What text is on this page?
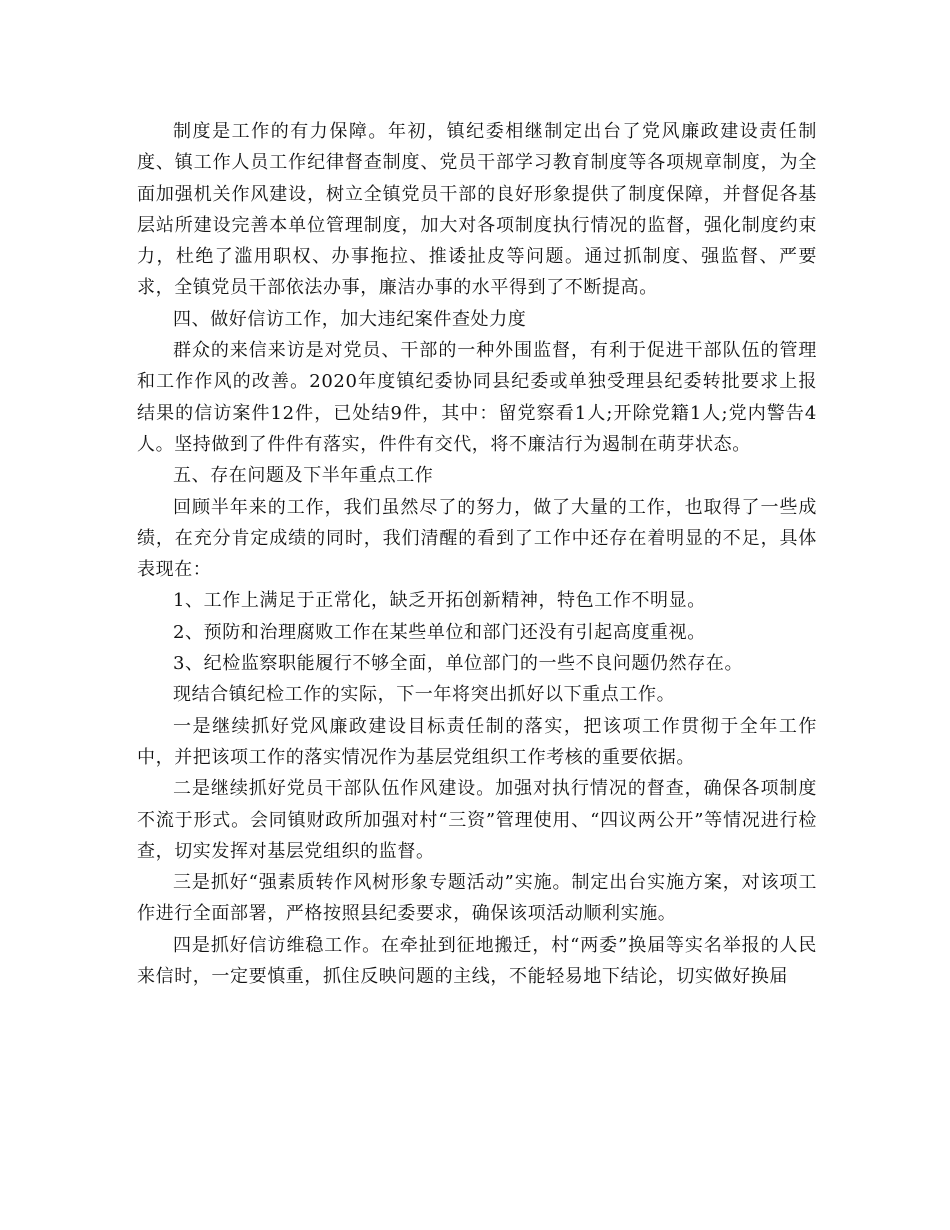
制度是工作的有力保障。年初，镇纪委相继制定出台了党风廉政建设责任制度、镇工作人员工作纪律督查制度、党员干部学习教育制度等各项规章制度，为全面加强机关作风建设，树立全镇党员干部的良好形象提供了制度保障，并督促各基层站所建设完善本单位管理制度，加大对各项制度执行情况的监督，强化制度约束力，杜绝了滥用职权、办事拖拉、推诿扯皮等问题。通过抓制度、强监督、严要求，全镇党员干部依法办事，廉洁办事的水平得到了不断提高。

四、做好信访工作，加大违纪案件查处力度

群众的来信来访是对党员、干部的一种外围监督，有利于促进干部队伍的管理和工作作风的改善。2020年度镇纪委协同县纪委或单独受理县纪委转批要求上报结果的信访案件12件，已处结9件，其中：留党察看1人;开除党籍1人;党内警告4人。坚持做到了件件有落实，件件有交代，将不廉洁行为遏制在萌芽状态。

五、存在问题及下半年重点工作

回顾半年来的工作，我们虽然尽了的努力，做了大量的工作，也取得了一些成绩，在充分肯定成绩的同时，我们清醒的看到了工作中还存在着明显的不足，具体表现在：

1、工作上满足于正常化，缺乏开拓创新精神，特色工作不明显。

2、预防和治理腐败工作在某些单位和部门还没有引起高度重视。

3、纪检监察职能履行不够全面，单位部门的一些不良问题仍然存在。

现结合镇纪检工作的实际，下一年将突出抓好以下重点工作。

一是继续抓好党风廉政建设目标责任制的落实，把该项工作贯彻于全年工作中，并把该项工作的落实情况作为基层党组织工作考核的重要依据。

二是继续抓好党员干部队伍作风建设。加强对执行情况的督查，确保各项制度不流于形式。会同镇财政所加强对村“三资”管理使用、“四议两公开”等情况进行检查，切实发挥对基层党组织的监督。

三是抓好“强素质转作风树形象专题活动”实施。制定出台实施方案，对该项工作进行全面部署，严格按照县纪委要求，确保该项活动顺利实施。

四是抓好信访维稳工作。在牵扯到征地搬迁，村“两委”换届等实名举报的人民来信时，一定要慎重，抓住反映问题的主线，不能轻易地下结论，切实做好换届
